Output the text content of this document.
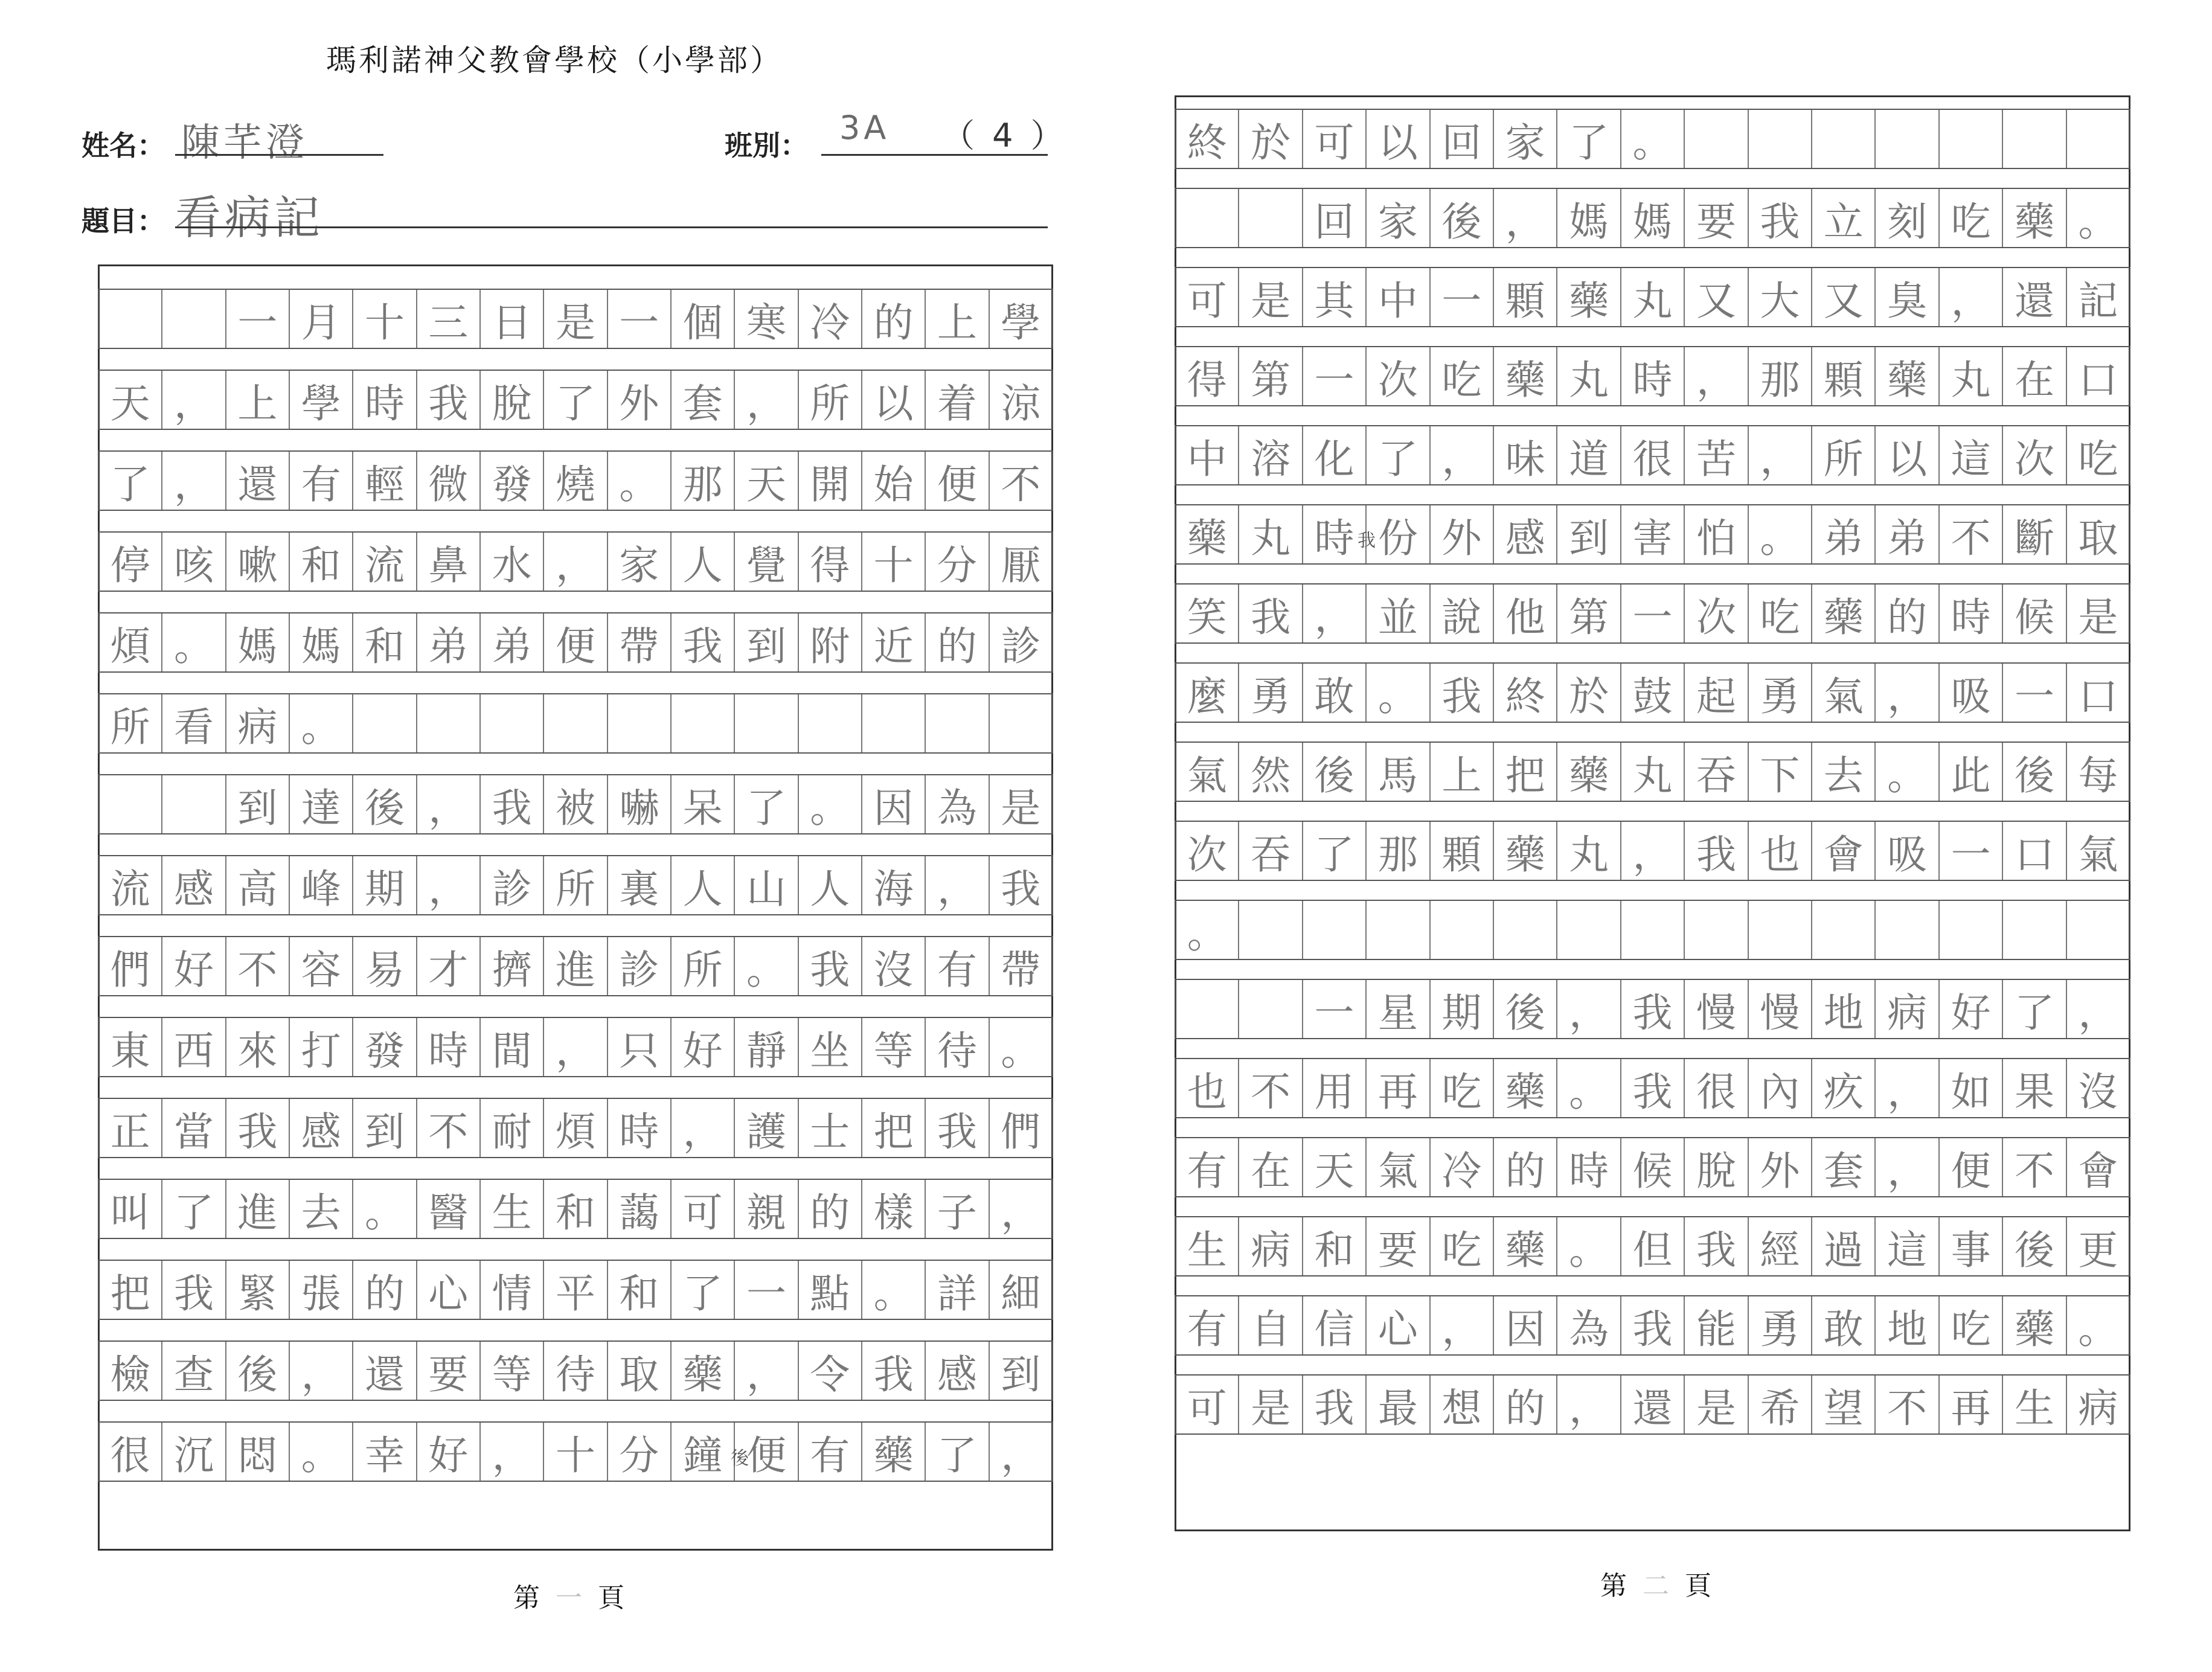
瑪利諾神父教會學校（小學部）
姓名： 陳芊澄	班別： 3A （ 4 ）
題目： 看病記
一 月 十 三 日 是 一 個 寒 冷 的 上 學
天 ， 上 學 時 我 脫 了 外 套 ， 所 以 着 涼
了 ， 還 有 輕 微 發 燒 。 那 天 開 始 便 不
停 咳 嗽 和 流 鼻 水 ， 家 人 覺 得 十 分 厭
煩 。 媽 媽 和 弟 弟 便 帶 我 到 附 近 的 診
所 看 病 。
到 達 後 ， 我 被 嚇 呆 了 。 因 為 是
流 感 高 峰 期 ， 診 所 裏 人 山 人 海 ， 我
們 好 不 容 易 才 擠 進 診 所 。 我 沒 有 帶
東 西 來 打 發 時 間 ， 只 好 靜 坐 等 待 。
正 當 我 感 到 不 耐 煩 時 ， 護 士 把 我 們
叫 了 進 去 。 醫 生 和 藹 可 親 的 樣 子 ，
把 我 緊 張 的 心 情 平 和 了 一 點 。 詳 細
檢 查 後 ， 還 要 等 待 取 藥 ， 令 我 感 到
很 沉 悶 。 幸 好 ， 十 分 鐘 便 有 藥 了 ，
後
第 一 頁
終 於 可 以 回 家 了 。
回 家 後 ， 媽 媽 要 我 立 刻 吃 藥 。
可 是 其 中 一 顆 藥 丸 又 大 又 臭 ， 還 記
得 第 一 次 吃 藥 丸 時 ， 那 顆 藥 丸 在 口
中 溶 化 了 ， 味 道 很 苦 ， 所 以 這 次 吃
藥 丸 時 份 外 感 到 害 怕 。 弟 弟 不 斷 取
笑 我 ， 並 說 他 第 一 次 吃 藥 的 時 候 是
麼 勇 敢 。 我 終 於 鼓 起 勇 氣 ， 吸 一 口
氣 然 後 馬 上 把 藥 丸 吞 下 去 。 此 後 每
次 吞 了 那 顆 藥 丸 ， 我 也 會 吸 一 口 氣
。
一 星 期 後 ， 我 慢 慢 地 病 好 了 ，
也 不 用 再 吃 藥 。 我 很 內 疚 ， 如 果 沒
有 在 天 氣 冷 的 時 候 脫 外 套 ， 便 不 會
生 病 和 要 吃 藥 。 但 我 經 過 這 事 後 更
有 自 信 心 ， 因 為 我 能 勇 敢 地 吃 藥 。
可 是 我 最 想 的 ， 還 是 希 望 不 再 生 病
我
第 二 頁
